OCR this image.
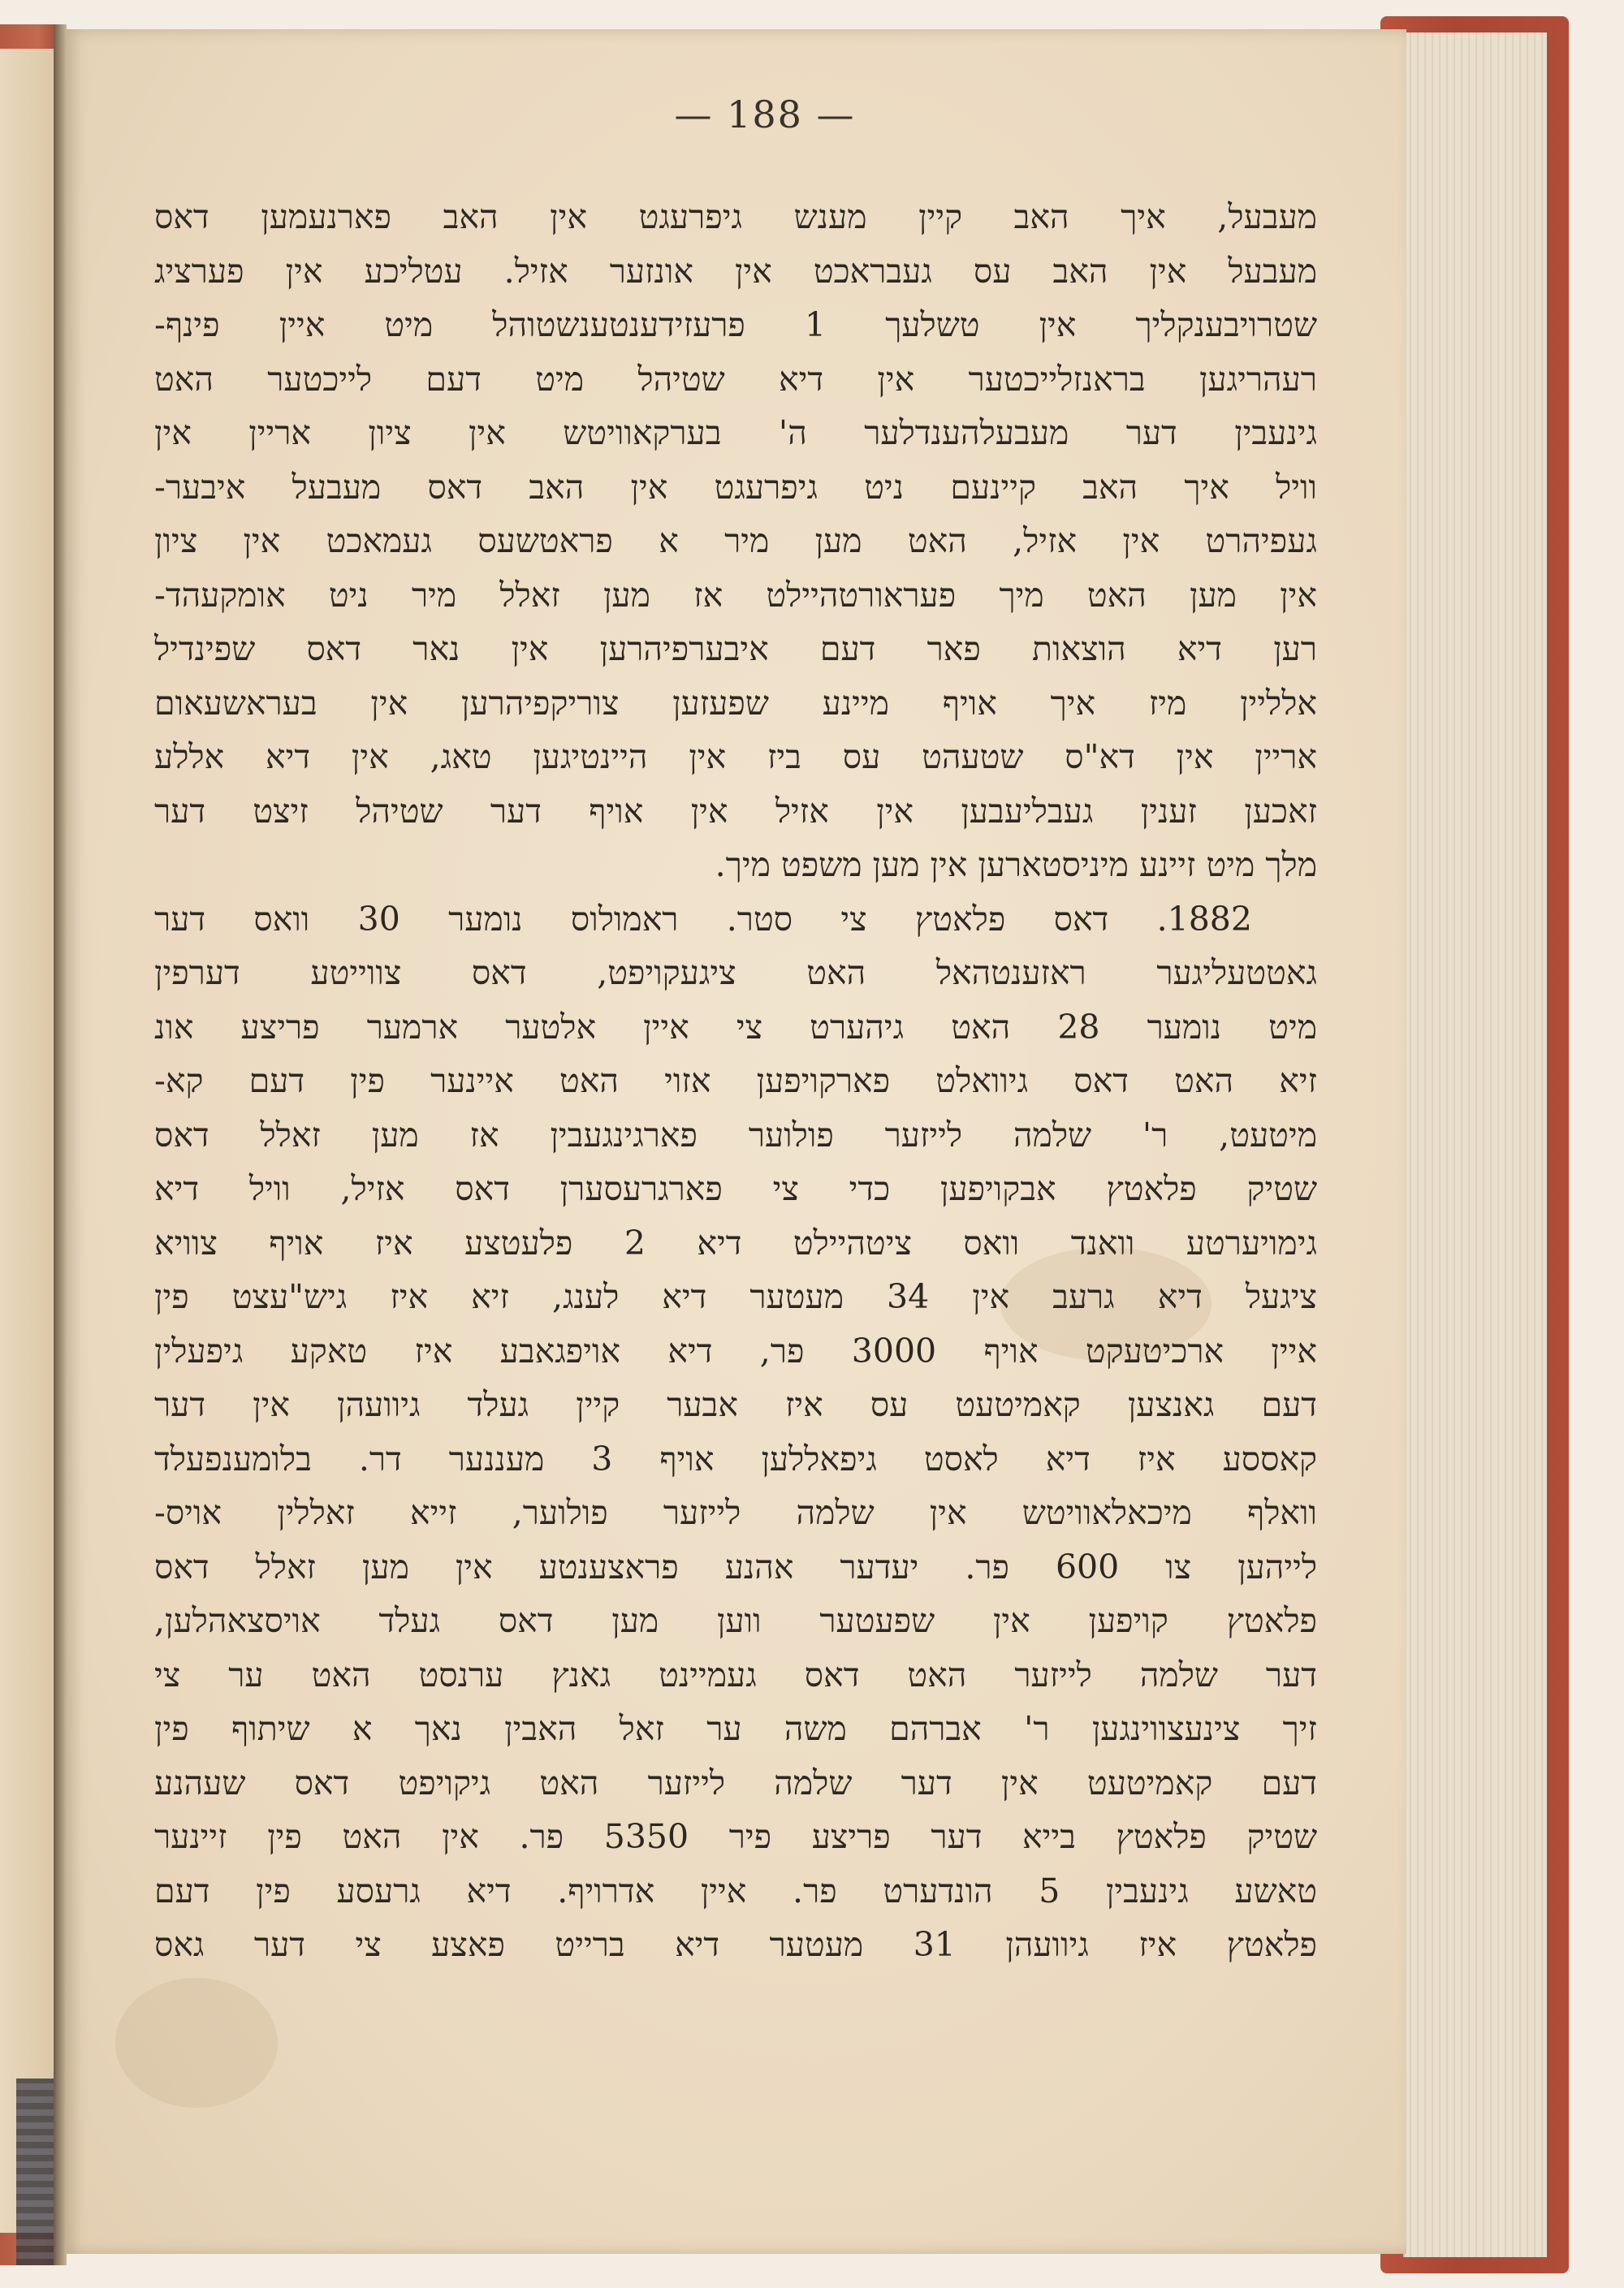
— 188 —
מעבעל, איך האב קיין מענש גיפרעגט אין האב פארנעמען דאס
מעבעל אין האב עס געבראכט אין אונזער אזיל. עטליכע אין פערציג
שטרויבענקליך אין טשלעך 1 פרעזידענטענשטוהל מיט איין פינף-
רעהריגען בראנזלייכטער אין דיא שטיהל מיט דעם לייכטער האט
גינעבין דער מעבעלהענדלער ה' בערקאוויטש אין ציון אריין אין
וויל איך האב קיינעם ניט גיפרעגט אין האב דאס מעבעל איבער-
געפיהרט אין אזיל, האט מען מיר א פראטשעס געמאכט אין ציון
אין מען האט מיך פעראורטהיילט אז מען זאלל מיר ניט אומקעהד-
רען דיא הוצאות פאר דעם איבערפיהרען אין נאר דאס שפינדיל
אלליין מיז איך אויף מיינע שפעזען צוריקפיהרען אין בעראשעאום
אריין אין דא"ס שטעהט עס ביז אין היינטיגען טאג, אין דיא אללע
זאכען זענין געבליעבען אין אזיל אין אויף דער שטיהל זיצט דער
מלך מיט זיינע מיניסטארען אין מען משפט מיך.
1882. דאס פלאטץ צי סטר. ראמולוס נומער 30 וואס דער
גאטטעליגער ראזענטהאל האט ציגעקויפט, דאס צווייטע דערפין
מיט נומער 28 האט גיהערט צי איין אלטער ארמער פריצע אונ
זיא האט דאס גיוואלט פארקויפען אזוי האט איינער פין דעם קא-
מיטעט, ר' שלמה לייזער פולוער פארגינגעבין אז מען זאלל דאס
שטיק פלאטץ אבקויפען כדי צי פארגרעסערן דאס אזיל, וויל דיא
גימויערטע וואנד וואס ציטהיילט דיא 2 פלעטצע איז אויף צוויא
ציגעל דיא גרעב אין 34 מעטער דיא לענג, זיא איז גיש"עצט פין
איין ארכיטעקט אויף 3000 פר, דיא אויפגאבע איז טאקע גיפעלין
דעם גאנצען קאמיטעט עס איז אבער קיין געלד גיוועהן אין דער
קאססע איז דיא לאסט גיפאללען אויף 3 מעננער דר. בלומענפעלד
וואלף מיכאלאוויטש אין שלמה לייזער פולוער, זייא זאללין אויס-
לייהען צו 600 פר. יעדער אהנע פראצענטע אין מען זאלל דאס
פלאטץ קויפען אין שפעטער ווען מען דאס געלד אויסצאהלען,
דער שלמה לייזער האט דאס געמיינט גאנץ ערנסט האט ער צי
זיך צינעצווינגען ר' אברהם משה ער זאל האבין נאך א שיתוף פין
דעם קאמיטעט אין דער שלמה לייזער האט גיקויפט דאס שעהנע
שטיק פלאטץ בייא דער פריצע פיר 5350 פר. אין האט פין זיינער
טאשע גינעבין 5 הונדערט פר. איין אדרויף. דיא גרעסע פין דעם
פלאטץ איז גיוועהן 31 מעטער דיא ברייט פאצע צי דער גאס
